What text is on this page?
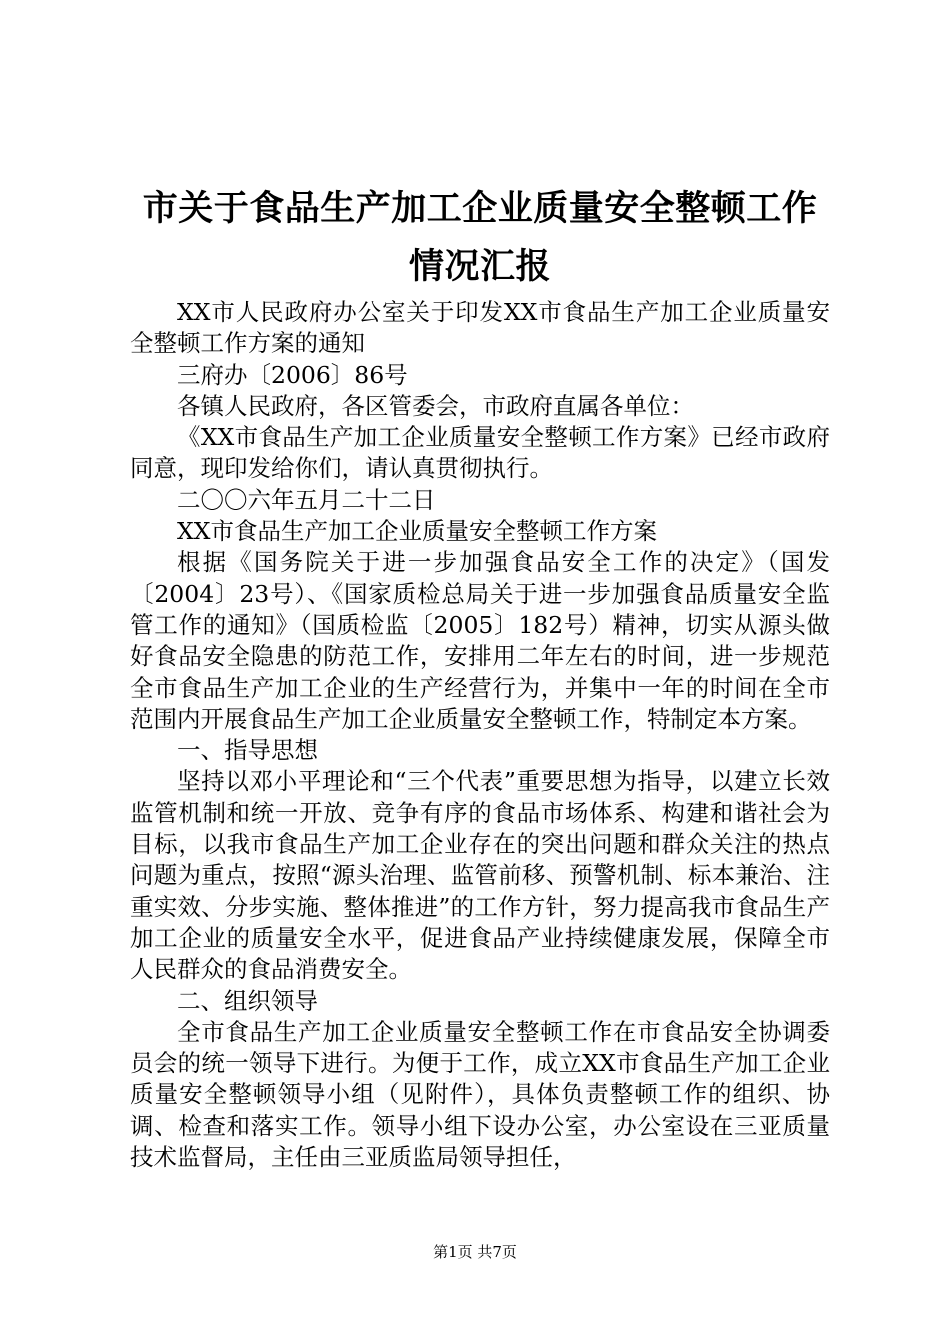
市关于食品生产加工企业质量安全整顿工作情况汇报

XX市人民政府办公室关于印发XX市食品生产加工企业质量安全整顿工作方案的通知

三府办〔2006〕86号

各镇人民政府，各区管委会，市政府直属各单位：

《XX市食品生产加工企业质量安全整顿工作方案》已经市政府同意，现印发给你们，请认真贯彻执行。

二〇〇六年五月二十二日

XX市食品生产加工企业质量安全整顿工作方案

根据《国务院关于进一步加强食品安全工作的决定》（国发〔2004〕23号）、《国家质检总局关于进一步加强食品质量安全监管工作的通知》（国质检监〔2005〕182号）精神，切实从源头做好食品安全隐患的防范工作，安排用二年左右的时间，进一步规范全市食品生产加工企业的生产经营行为，并集中一年的时间在全市范围内开展食品生产加工企业质量安全整顿工作，特制定本方案。

一、指导思想

坚持以邓小平理论和“三个代表”重要思想为指导，以建立长效监管机制和统一开放、竞争有序的食品市场体系、构建和谐社会为目标，以我市食品生产加工企业存在的突出问题和群众关注的热点问题为重点，按照“源头治理、监管前移、预警机制、标本兼治、注重实效、分步实施、整体推进”的工作方针，努力提高我市食品生产加工企业的质量安全水平，促进食品产业持续健康发展，保障全市人民群众的食品消费安全。

二、组织领导

全市食品生产加工企业质量安全整顿工作在市食品安全协调委员会的统一领导下进行。为便于工作，成立XX市食品生产加工企业质量安全整顿领导小组（见附件），具体负责整顿工作的组织、协调、检查和落实工作。领导小组下设办公室，办公室设在三亚质量技术监督局，主任由三亚质监局领导担任，

第1页 共7页
